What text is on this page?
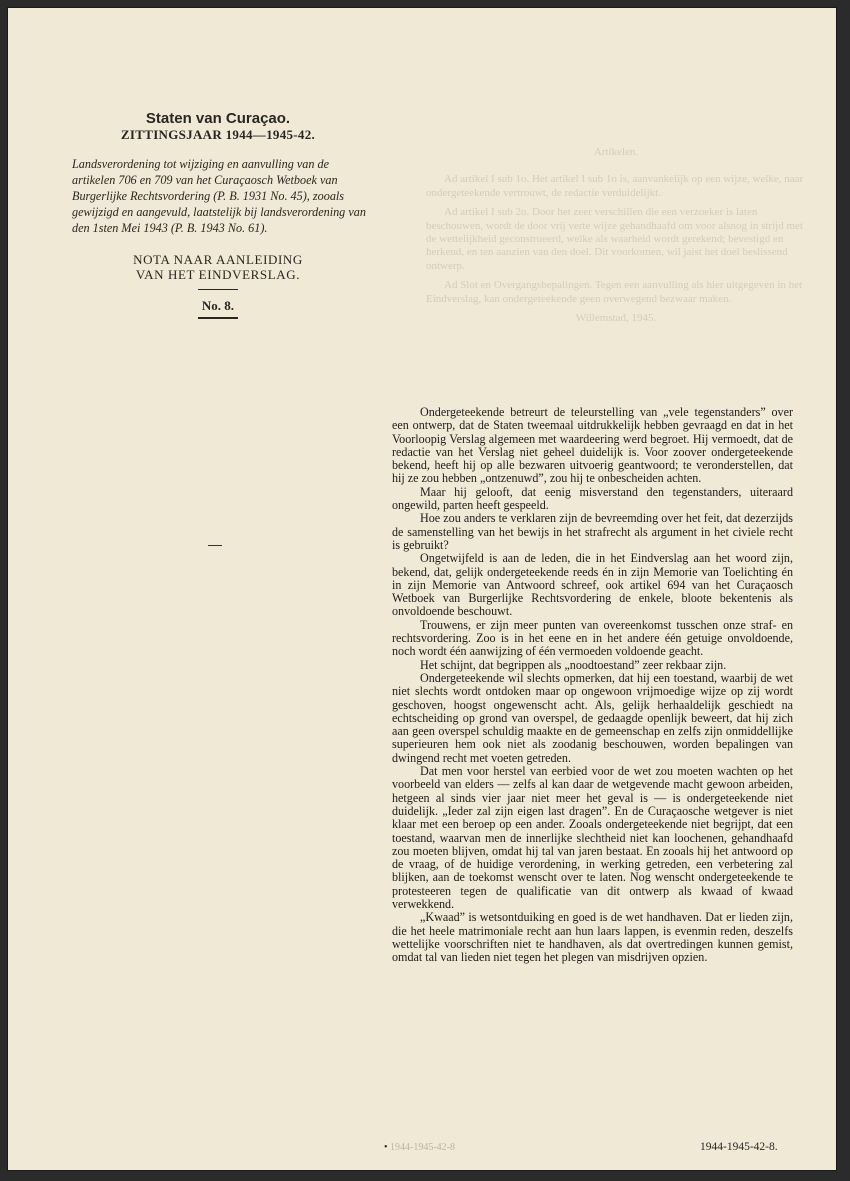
Staten van Curaçao.

ZITTINGSJAAR 1944—1945-42.

Landsverordening tot wijziging en aanvulling van de artikelen 706 en 709 van het Curaçaosch Wetboek van Burgerlijke Rechtsvordering (P. B. 1931 No. 45), zooals gewijzigd en aangevuld, laatstelijk bij landsverordening van den 1sten Mei 1943 (P. B. 1943 No. 61).

NOTA NAAR AANLEIDING

VAN HET EINDVERSLAG.

No. 8.

Artikelen.

Ad artikel I sub 1o. Het artikel I sub 1o is, aanvankelijk op een wijze, welke, naar ondergeteekende vertrouwt, de redactie verduidelijkt.

Ad artikel I sub 2o. Door het zeer verschillen die een verzoeker is laten beschouwen, wordt de door vrij verte wijze gehandhaafd om voor alsnog in strijd met de wettelijkheid geconstrueerd, welke als waarheid wordt gerekend; bevestigd en herkend, en ten aanzien van den doel. Dit voorkomen, wil jaist het doel beslissend ontwerp.

Ad Slot en Overgangsbepalingen. Tegen een aanvulling als hier uitgegeven in het Eindverslag, kan ondergeteekende geen overwegend bezwaar maken.

Willemstad, 1945.

Ondergeteekende betreurt de teleurstelling van „vele tegenstanders” over een ontwerp, dat de Staten tweemaal uitdrukkelijk hebben gevraagd en dat in het Voorloopig Verslag algemeen met waardeering werd begroet. Hij vermoedt, dat de redactie van het Verslag niet geheel duidelijk is. Voor zoover ondergeteekende bekend, heeft hij op alle bezwaren uitvoerig geantwoord; te veronderstellen, dat hij ze zou hebben „ontzenuwd”, zou hij te onbescheiden achten.

Maar hij gelooft, dat eenig misverstand den tegenstanders, uiteraard ongewild, parten heeft gespeeld.

Hoe zou anders te verklaren zijn de bevreemding over het feit, dat dezerzijds de samenstelling van het bewijs in het strafrecht als argument in het civiele recht is gebruikt?

Ongetwijfeld is aan de leden, die in het Eindverslag aan het woord zijn, bekend, dat, gelijk ondergeteekende reeds én in zijn Memorie van Toelichting én in zijn Memorie van Antwoord schreef, ook artikel 694 van het Curaçaosch Wetboek van Burgerlijke Rechtsvordering de enkele, bloote bekentenis als onvoldoende beschouwt.

Trouwens, er zijn meer punten van overeenkomst tusschen onze straf- en rechtsvordering. Zoo is in het eene en in het andere één getuige onvoldoende, noch wordt één aanwijzing of één vermoeden voldoende geacht.

Het schijnt, dat begrippen als „noodtoestand” zeer rekbaar zijn.

Ondergeteekende wil slechts opmerken, dat hij een toestand, waarbij de wet niet slechts wordt ontdoken maar op ongewoon vrijmoedige wijze op zij wordt geschoven, hoogst ongewenscht acht. Als, gelijk herhaaldelijk geschiedt na echtscheiding op grond van overspel, de gedaagde openlijk beweert, dat hij zich aan geen overspel schuldig maakte en de gemeenschap en zelfs zijn onmiddellijke superieuren hem ook niet als zoodanig beschouwen, worden bepalingen van dwingend recht met voeten getreden.

Dat men voor herstel van eerbied voor de wet zou moeten wachten op het voorbeeld van elders — zelfs al kan daar de wetgevende macht gewoon arbeiden, hetgeen al sinds vier jaar niet meer het geval is — is ondergeteekende niet duidelijk. „Ieder zal zijn eigen last dragen”. En de Curaçaosche wetgever is niet klaar met een beroep op een ander. Zooals ondergeteekende niet begrijpt, dat een toestand, waarvan men de innerlijke slechtheid niet kan loochenen, gehandhaafd zou moeten blijven, omdat hij tal van jaren bestaat. En zooals hij het antwoord op de vraag, of de huidige verordening, in werking getreden, een verbetering zal blijken, aan de toekomst wenscht over te laten. Nog wenscht ondergeteekende te protesteeren tegen de qualificatie van dit ontwerp als kwaad of kwaad verwekkend.

„Kwaad” is wetsontduiking en goed is de wet handhaven. Dat er lieden zijn, die het heele matrimoniale recht aan hun laars lappen, is evenmin reden, deszelfs wettelijke voorschriften niet te handhaven, als dat overtredingen kunnen gemist, omdat tal van lieden niet tegen het plegen van misdrijven opzien.

• 1944-1945-42-8	1944-1945-42-8.
